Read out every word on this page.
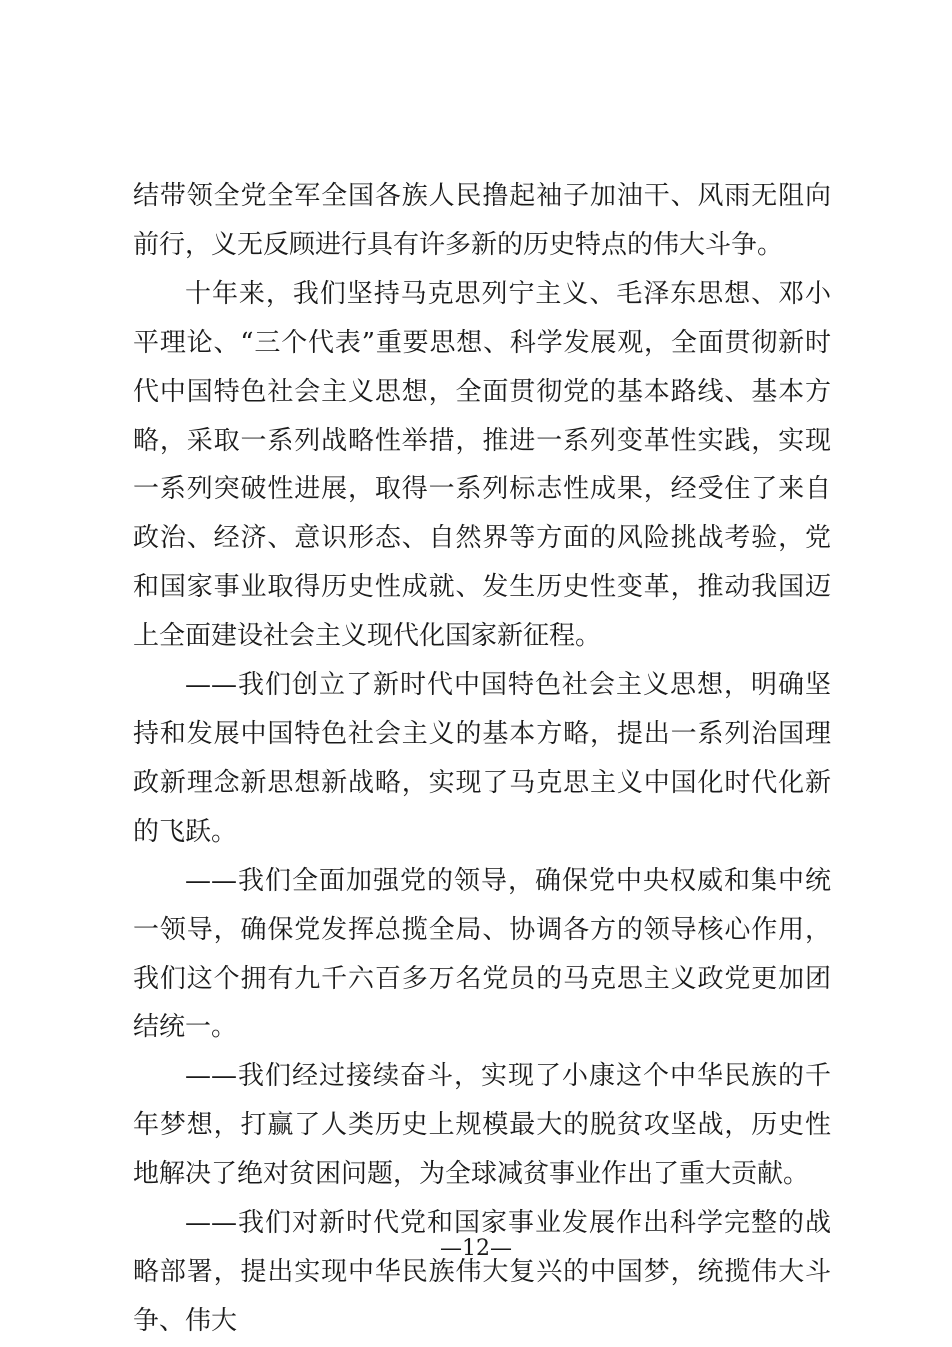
结带领全党全军全国各族人民撸起袖子加油干、风雨无阻向前行，义无反顾进行具有许多新的历史特点的伟大斗争。

十年来，我们坚持马克思列宁主义、毛泽东思想、邓小平理论、“三个代表”重要思想、科学发展观，全面贯彻新时代中国特色社会主义思想，全面贯彻党的基本路线、基本方略，采取一系列战略性举措，推进一系列变革性实践，实现一系列突破性进展，取得一系列标志性成果，经受住了来自政治、经济、意识形态、自然界等方面的风险挑战考验，党和国家事业取得历史性成就、发生历史性变革，推动我国迈上全面建设社会主义现代化国家新征程。

——我们创立了新时代中国特色社会主义思想，明确坚持和发展中国特色社会主义的基本方略，提出一系列治国理政新理念新思想新战略，实现了马克思主义中国化时代化新的飞跃。

——我们全面加强党的领导，确保党中央权威和集中统一领导，确保党发挥总揽全局、协调各方的领导核心作用，我们这个拥有九千六百多万名党员的马克思主义政党更加团结统一。

——我们经过接续奋斗，实现了小康这个中华民族的千年梦想，打赢了人类历史上规模最大的脱贫攻坚战，历史性地解决了绝对贫困问题，为全球减贫事业作出了重大贡献。

——我们对新时代党和国家事业发展作出科学完整的战略部署，提出实现中华民族伟大复兴的中国梦，统揽伟大斗争、伟大

—12—
